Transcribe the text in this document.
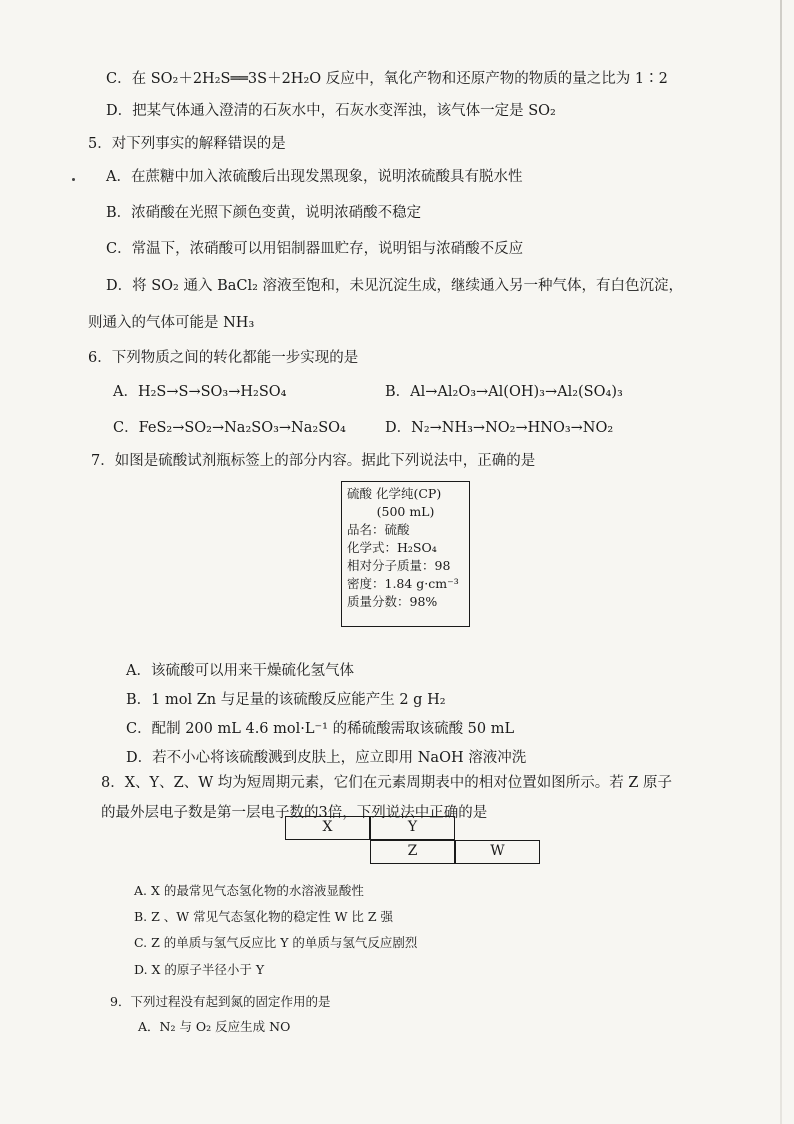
C．在 SO₂＋2H₂S══3S＋2H₂O 反应中，氧化产物和还原产物的物质的量之比为 1∶2
D．把某气体通入澄清的石灰水中，石灰水变浑浊，该气体一定是 SO₂
5．对下列事实的解释错误的是
A．在蔗糖中加入浓硫酸后出现发黑现象，说明浓硫酸具有脱水性
B．浓硝酸在光照下颜色变黄，说明浓硝酸不稳定
C．常温下，浓硝酸可以用铝制器皿贮存，说明铝与浓硝酸不反应
D．将 SO₂ 通入 BaCl₂ 溶液至饱和，未见沉淀生成，继续通入另一种气体，有白色沉淀，
则通入的气体可能是 NH₃
6．下列物质之间的转化都能一步实现的是
A．H₂S→S→SO₃→H₂SO₄	B．Al→Al₂O₃→Al(OH)₃→Al₂(SO₄)₃
C．FeS₂→SO₂→Na₂SO₃→Na₂SO₄	D．N₂→NH₃→NO₂→HNO₃→NO₂
7．如图是硫酸试剂瓶标签上的部分内容。据此下列说法中，正确的是
硫酸 化学纯(CP)
(500 mL)
品名：硫酸
化学式：H₂SO₄
相对分子质量：98
密度：1.84 g·cm⁻³
质量分数：98%
A．该硫酸可以用来干燥硫化氢气体
B．1 mol Zn 与足量的该硫酸反应能产生 2 g H₂
C．配制 200 mL 4.6 mol·L⁻¹ 的稀硫酸需取该硫酸 50 mL
D．若不小心将该硫酸溅到皮肤上，应立即用 NaOH 溶液冲洗
8．X、Y、Z、W 均为短周期元素，它们在元素周期表中的相对位置如图所示。若 Z 原子
的最外层电子数是第一层电子数的3倍，下列说法中正确的是
X	Y
Z	W
A. X 的最常见气态氢化物的水溶液显酸性
B. Z 、W 常见气态氢化物的稳定性 W 比 Z 强
C. Z 的单质与氢气反应比 Y 的单质与氢气反应剧烈
D. X 的原子半径小于 Y
9．下列过程没有起到氮的固定作用的是
A．N₂ 与 O₂ 反应生成 NO
